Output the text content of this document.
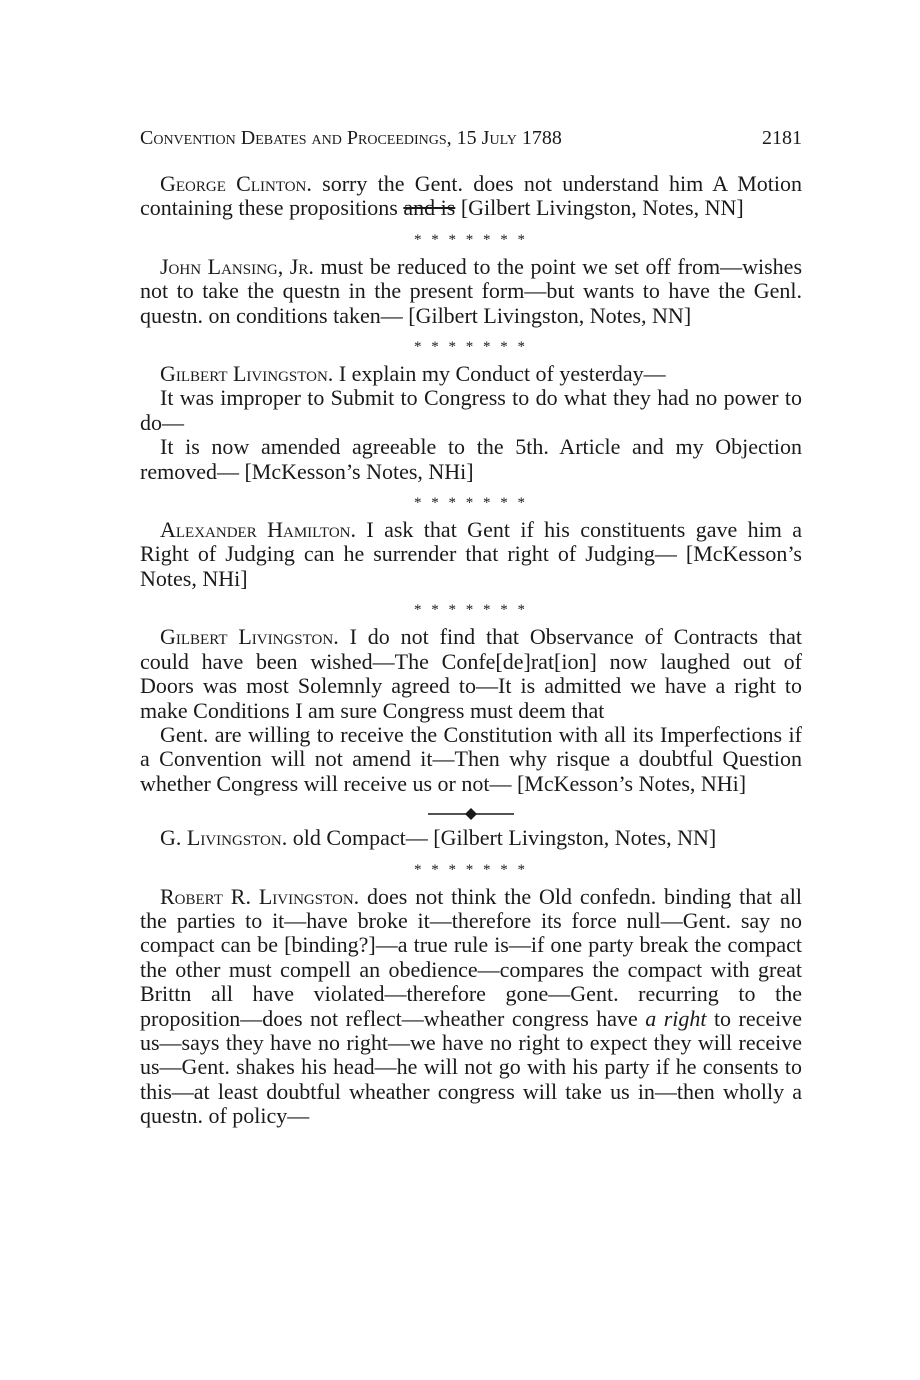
Convention Debates and Proceedings, 15 July 1788	2181

George Clinton. sorry the Gent. does not understand him A Motion containing these propositions and is [Gilbert Livingston, Notes, NN]

* * * * * * *

John Lansing, Jr. must be reduced to the point we set off from—wishes not to take the questn in the present form—but wants to have the Genl. questn. on conditions taken— [Gilbert Livingston, Notes, NN]

* * * * * * *

Gilbert Livingston. I explain my Conduct of yesterday—

It was improper to Submit to Congress to do what they had no power to do—

It is now amended agreeable to the 5th. Article and my Objection removed— [McKesson’s Notes, NHi]

* * * * * * *

Alexander Hamilton. I ask that Gent if his constituents gave him a Right of Judging can he surrender that right of Judging— [McKesson’s Notes, NHi]

* * * * * * *

Gilbert Livingston. I do not find that Observance of Contracts that could have been wished—The Confe[de]rat[ion] now laughed out of Doors was most Solemnly agreed to—It is admitted we have a right to make Conditions I am sure Congress must deem that

Gent. are willing to receive the Constitution with all its Imperfections if a Convention will not amend it—Then why risque a doubtful Question whether Congress will receive us or not— [McKesson’s Notes, NHi]

G. Livingston. old Compact— [Gilbert Livingston, Notes, NN]

* * * * * * *

Robert R. Livingston. does not think the Old confedn. binding that all the parties to it—have broke it—therefore its force null—Gent. say no compact can be [binding?]—a true rule is—if one party break the compact the other must compell an obedience—compares the compact with great Brittn all have violated—therefore gone—Gent. recurring to the proposition—does not reflect—wheather congress have a right to receive us—says they have no right—we have no right to expect they will receive us—Gent. shakes his head—he will not go with his party if he consents to this—at least doubtful wheather congress will take us in—then wholly a questn. of policy—
